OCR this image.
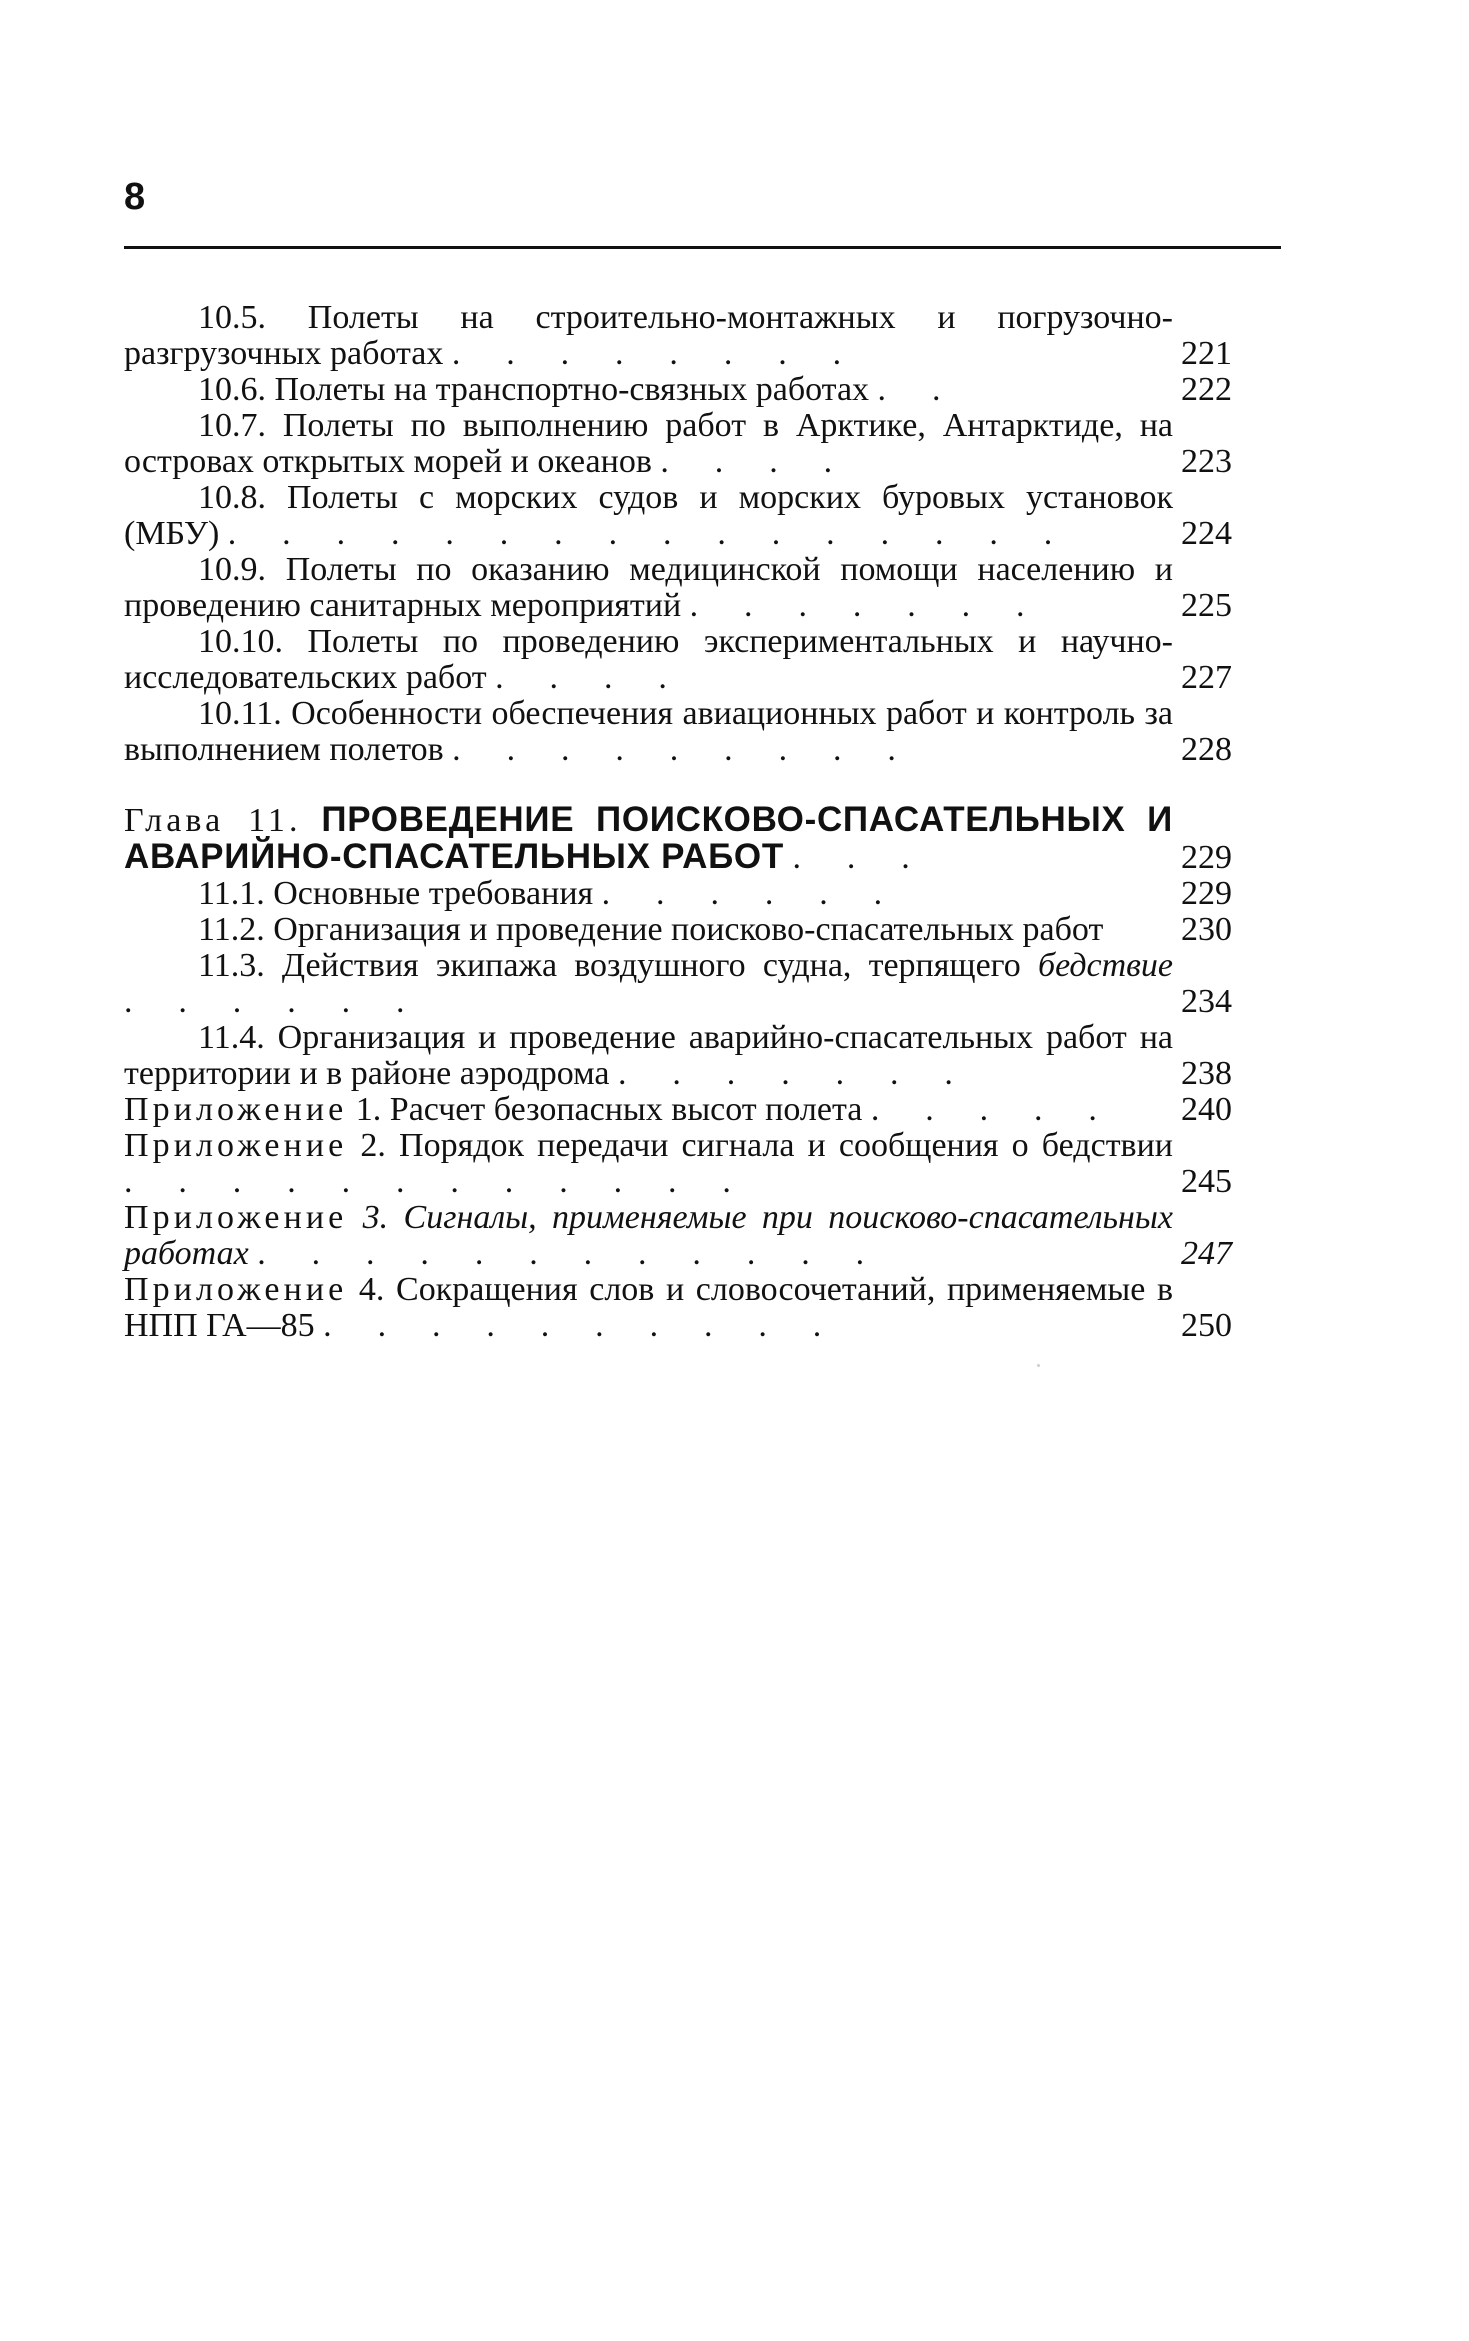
8
10.5. Полеты на строительно-монтажных и погрузочно-разгрузочных работах . . . . . . . .	221
10.6. Полеты на транспортно-связных работах . .	222
10.7. Полеты по выполнению работ в Арктике, Антарктиде, на островах открытых морей и океанов . . . .	223
10.8. Полеты с морских судов и морских буровых установок (МБУ) . . . . . . . . . . . . . . . .	224
10.9. Полеты по оказанию медицинской помощи населению и проведению санитарных мероприятий . . . . . . .	225
10.10. Полеты по проведению экспериментальных и научно-исследовательских работ . . . .	227
10.11. Особенности обеспечения авиационных работ и контроль за выполнением полетов . . . . . . . . .	228
Глава 11. ПРОВЕДЕНИЕ ПОИСКОВО-СПАСАТЕЛЬНЫХ И АВАРИЙНО-СПАСАТЕЛЬНЫХ РАБОТ . . .	229
11.1. Основные требования . . . . . .	229
11.2. Организация и проведение поисково-спасательных работ 230
11.3. Действия экипажа воздушного судна, терпящего бедствие . . . . . .	234
11.4. Организация и проведение аварийно-спасательных работ на территории и в районе аэродрома . . . . . . .	238
Приложение 1. Расчет безопасных высот полета . . . . . 240
Приложение 2. Порядок передачи сигнала и сообщения о бедствии . . . . . . . . . . . .	245
Приложение 3. Сигналы, применяемые при поисково-спасательных работах . . . . . . . . . . . .	247
Приложение 4. Сокращения слов и словосочетаний, применяемые в НПП ГА—85 . . . . . . . . . .	250
